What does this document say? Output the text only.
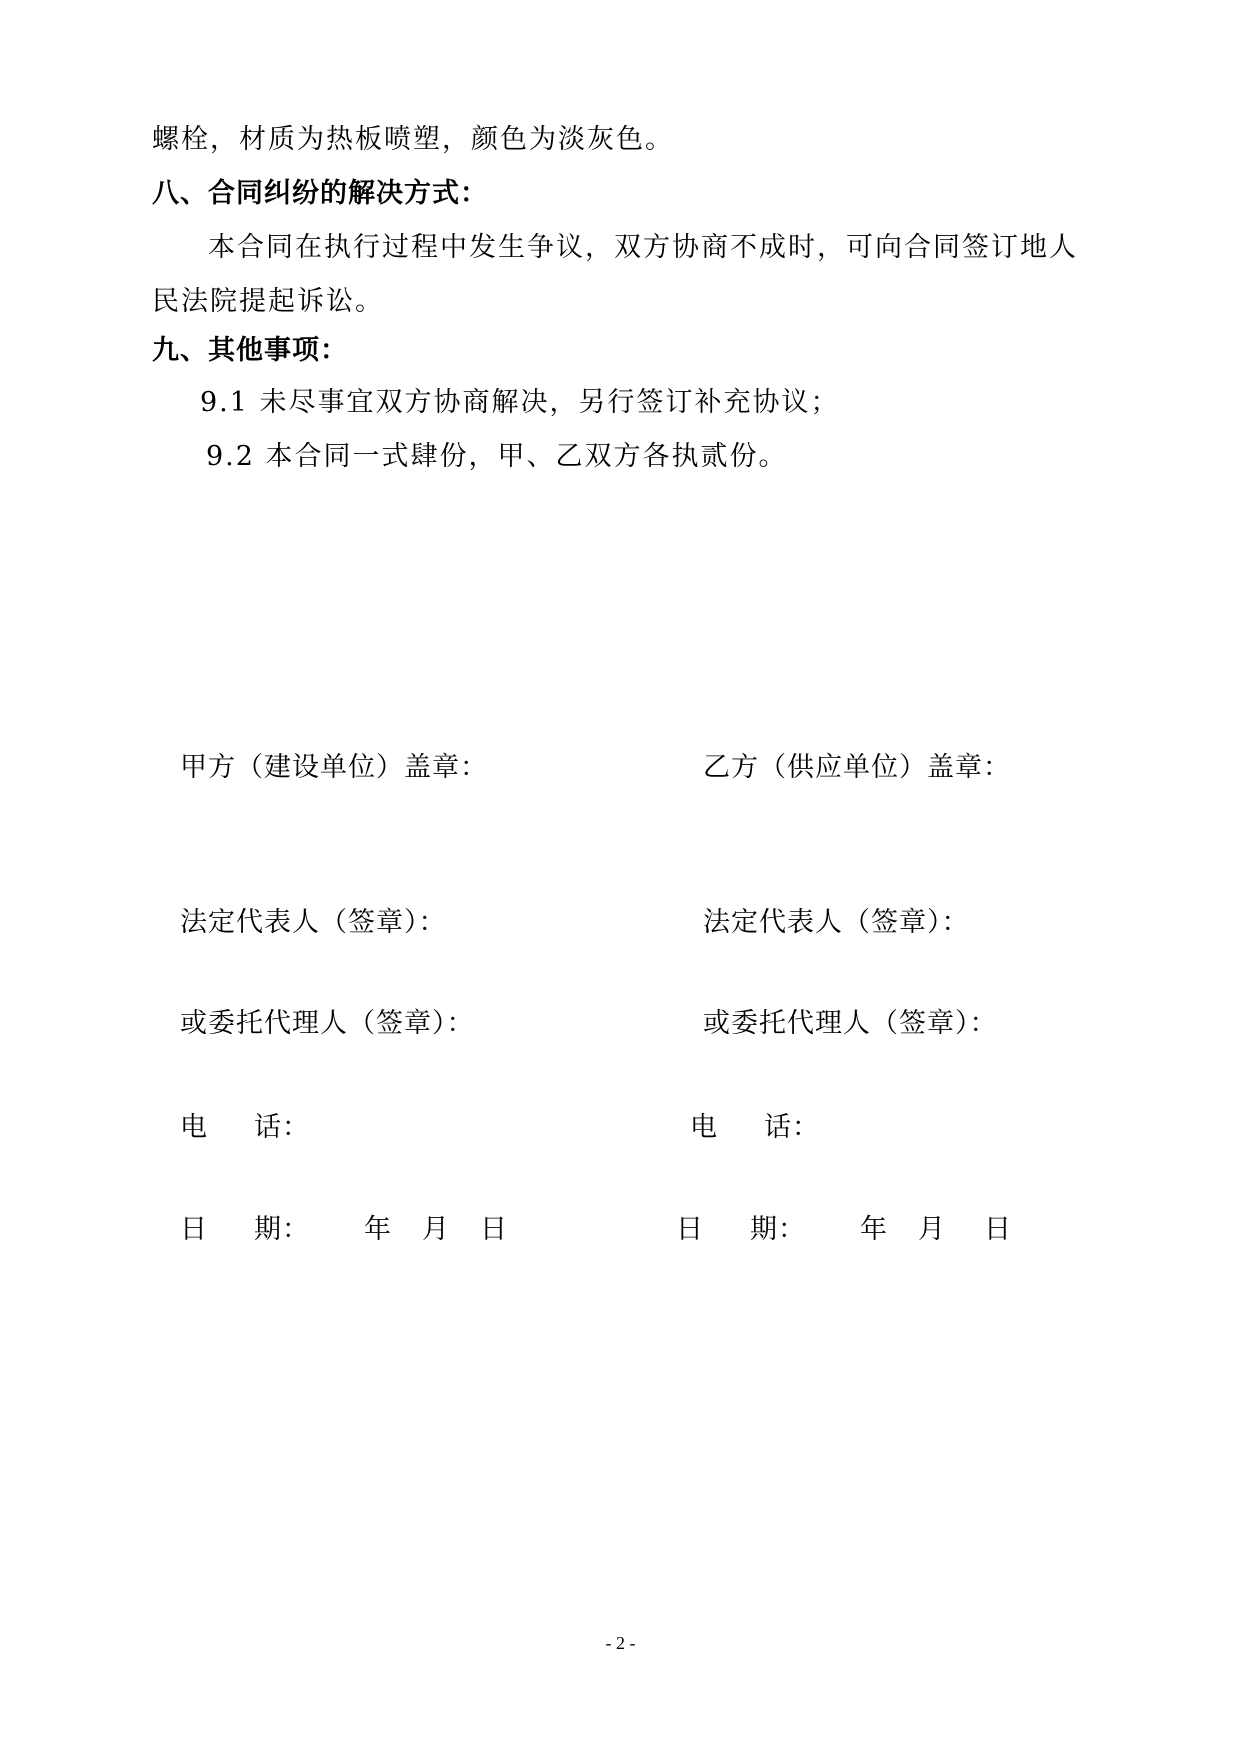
螺栓，材质为热板喷塑，颜色为淡灰色。
八、合同纠纷的解决方式：
本合同在执行过程中发生争议，双方协商不成时，可向合同签订地人
民法院提起诉讼。
九、其他事项：
9.1 未尽事宜双方协商解决，另行签订补充协议；
9.2 本合同一式肆份，甲、乙双方各执贰份。
甲方（建设单位）盖章：
法定代表人（签章）：
或委托代理人（签章）：
电 话：
日 期： 年 月 日
乙方（供应单位）盖章：
法定代表人（签章）：
或委托代理人（签章）：
电 话：
日 期： 年 月 日
- 2 -
